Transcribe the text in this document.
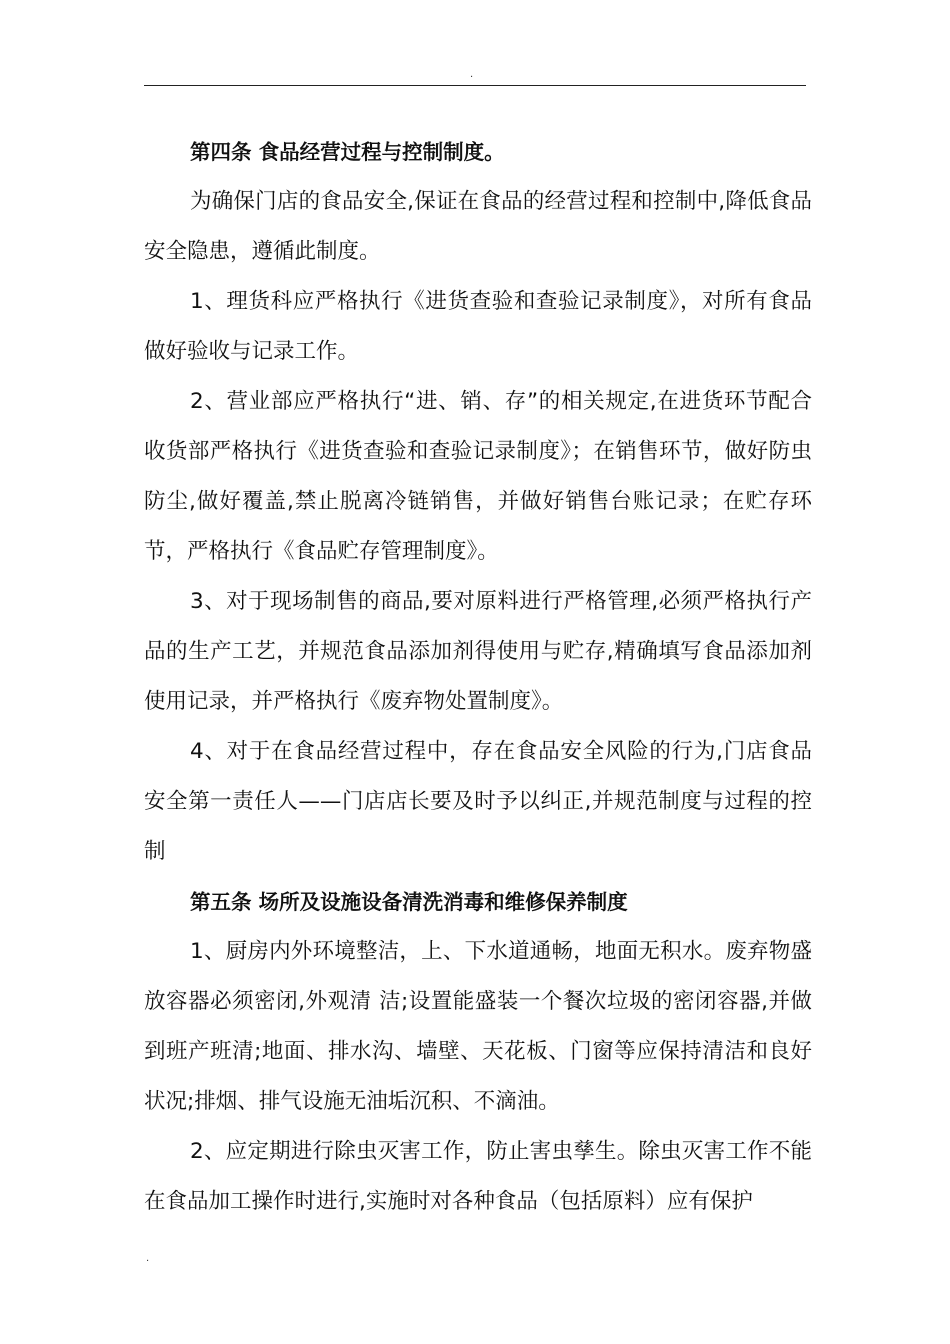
.

第四条 食品经营过程与控制制度。

为确保门店的食品安全,保证在食品的经营过程和控制中,降低食品安全隐患，遵循此制度。

1、理货科应严格执行《进货查验和查验记录制度》，对所有食品做好验收与记录工作。

2、营业部应严格执行“进、销、存”的相关规定,在进货环节配合收货部严格执行《进货查验和查验记录制度》；在销售环节，做好防虫防尘,做好覆盖,禁止脱离冷链销售，并做好销售台账记录；在贮存环节，严格执行《食品贮存管理制度》。

3、对于现场制售的商品,要对原料进行严格管理,必须严格执行产品的生产工艺，并规范食品添加剂得使用与贮存,精确填写食品添加剂使用记录，并严格执行《废弃物处置制度》。

4、对于在食品经营过程中，存在食品安全风险的行为,门店食品安全第一责任人——门店店长要及时予以纠正,并规范制度与过程的控制

第五条 场所及设施设备清洗消毒和维修保养制度

1、厨房内外环境整洁，上、下水道通畅，地面无积水。废弃物盛放容器必须密闭,外观清 洁;设置能盛装一个餐次垃圾的密闭容器,并做到班产班清;地面、排水沟、墙壁、天花板、门窗等应保持清洁和良好状况;排烟、排气设施无油垢沉积、不滴油。

2、应定期进行除虫灭害工作，防止害虫孳生。除虫灭害工作不能在食品加工操作时进行,实施时对各种食品（包括原料）应有保护

.
